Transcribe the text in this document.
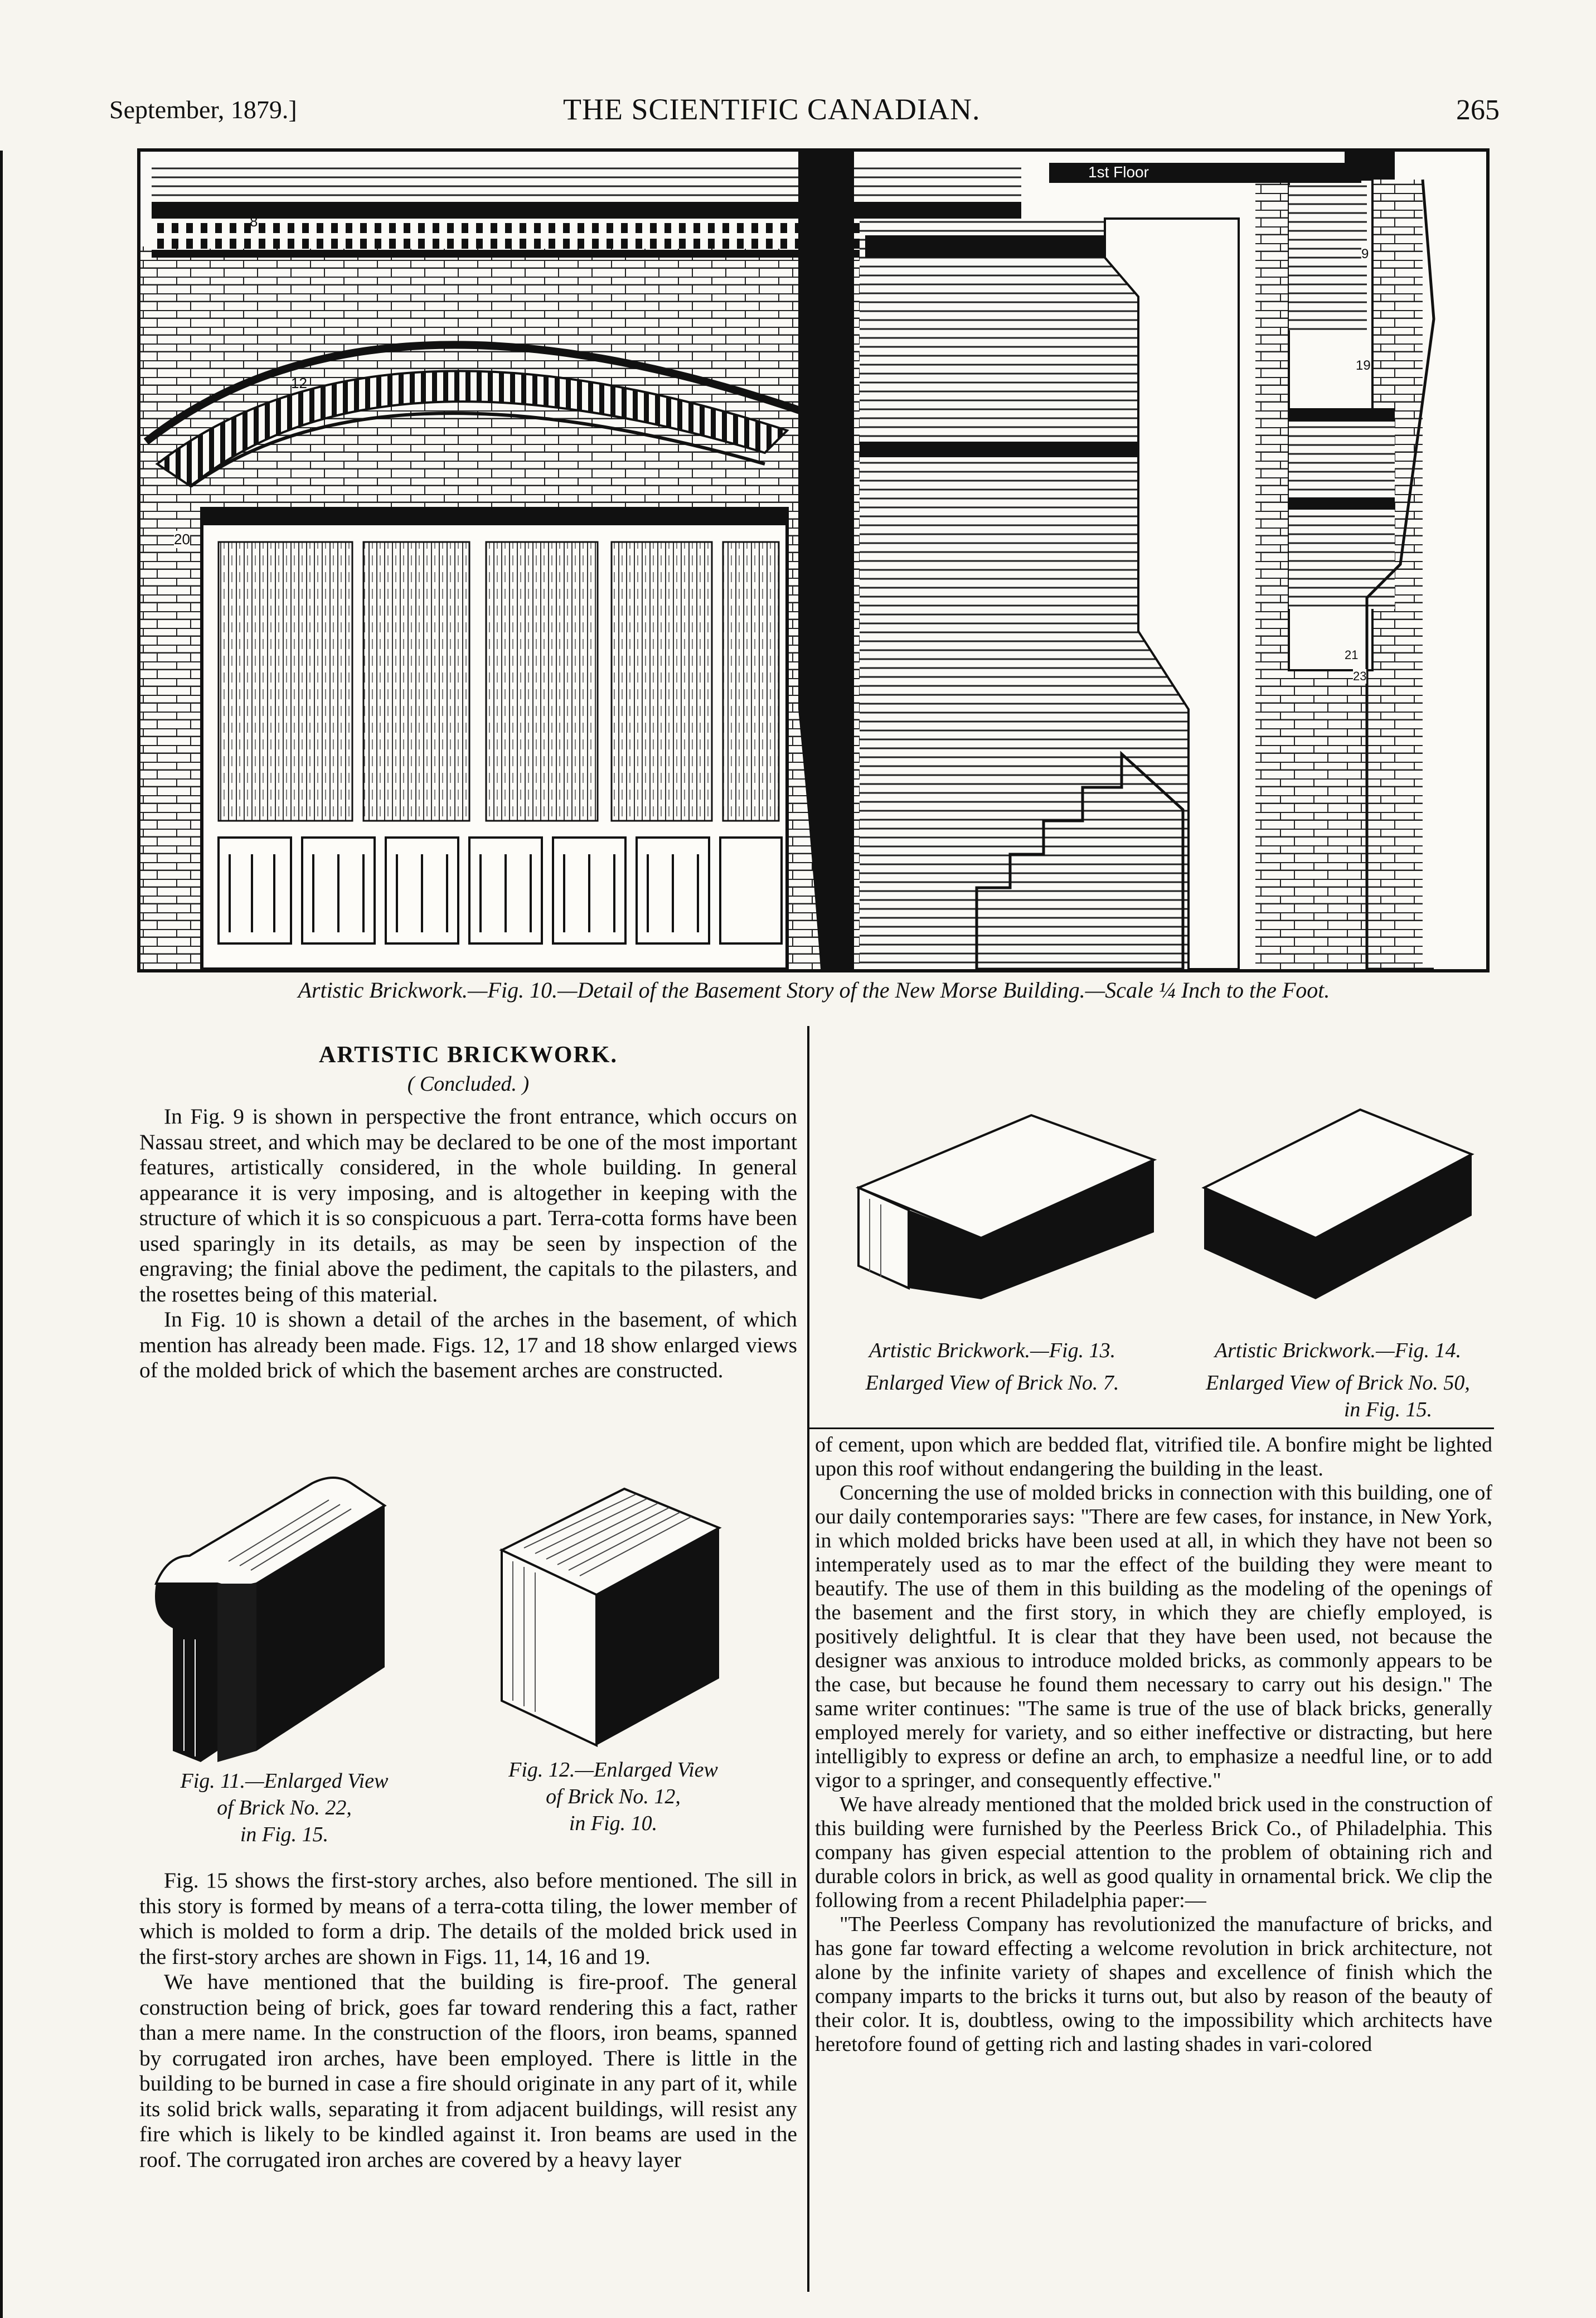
September, 1879.]	THE SCIENTIFIC CANADIAN.	265
1st Floor
8
12
20
9
19
21
23
Artistic Brickwork.—Fig. 10.—Detail of the Basement Story of the New Morse Building.—Scale ¼ Inch to the Foot.
ARTISTIC BRICKWORK.
( Concluded. )

In Fig. 9 is shown in perspective the front entrance, which occurs on Nassau street, and which may be declared to be one of the most important features, artistically considered, in the whole building. In general appearance it is very imposing, and is altogether in keeping with the structure of which it is so conspicuous a part. Terra-cotta forms have been used sparingly in its details, as may be seen by inspection of the engraving; the finial above the pediment, the capitals to the pilasters, and the rosettes being of this material.

In Fig. 10 is shown a detail of the arches in the basement, of which mention has already been made. Figs. 12, 17 and 18 show enlarged views of the molded brick of which the basement arches are constructed.

Fig. 11.—Enlarged View
of Brick No. 22,
in Fig. 15.
Fig. 12.—Enlarged View
of Brick No. 12,
in Fig. 10.

Fig. 15 shows the first-story arches, also before mentioned. The sill in this story is formed by means of a terra-cotta tiling, the lower member of which is molded to form a drip. The details of the molded brick used in the first-story arches are shown in Figs. 11, 14, 16 and 19.

We have mentioned that the building is fire-proof. The general construction being of brick, goes far toward rendering this a fact, rather than a mere name. In the construction of the floors, iron beams, spanned by corrugated iron arches, have been employed. There is little in the building to be burned in case a fire should originate in any part of it, while its solid brick walls, separating it from adjacent buildings, will resist any fire which is likely to be kindled against it. Iron beams are used in the roof. The corrugated iron arches are covered by a heavy layer

Artistic Brickwork.—Fig. 13.
Enlarged View of Brick No. 7.
Artistic Brickwork.—Fig. 14.
Enlarged View of Brick No. 50,
in Fig. 15.

of cement, upon which are bedded flat, vitrified tile. A bonfire might be lighted upon this roof without endangering the building in the least.

Concerning the use of molded bricks in connection with this building, one of our daily contemporaries says: "There are few cases, for instance, in New York, in which molded bricks have been used at all, in which they have not been so intemperately used as to mar the effect of the building they were meant to beautify. The use of them in this building as the modeling of the openings of the basement and the first story, in which they are chiefly employed, is positively delightful. It is clear that they have been used, not because the designer was anxious to introduce molded bricks, as commonly appears to be the case, but because he found them necessary to carry out his design." The same writer continues: "The same is true of the use of black bricks, generally employed merely for variety, and so either ineffective or distracting, but here intelligibly to express or define an arch, to emphasize a needful line, or to add vigor to a springer, and consequently effective."

We have already mentioned that the molded brick used in the construction of this building were furnished by the Peerless Brick Co., of Philadelphia. This company has given especial attention to the problem of obtaining rich and durable colors in brick, as well as good quality in ornamental brick. We clip the following from a recent Philadelphia paper:—

"The Peerless Company has revolutionized the manufacture of bricks, and has gone far toward effecting a welcome revolution in brick architecture, not alone by the infinite variety of shapes and excellence of finish which the company imparts to the bricks it turns out, but also by reason of the beauty of their color. It is, doubtless, owing to the impossibility which architects have heretofore found of getting rich and lasting shades in vari-colored
